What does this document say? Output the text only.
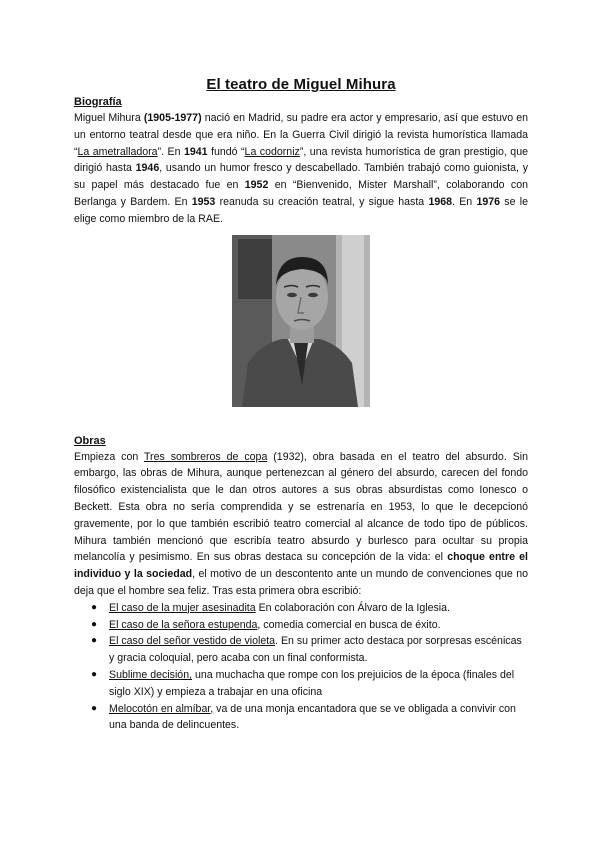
El teatro de Miguel Mihura
Biografía

Miguel Mihura (1905-1977) nació en Madrid, su padre era actor y empresario, así que estuvo en un entorno teatral desde que era niño. En la Guerra Civil dirigió la revista humorística llamada “La ametralladora”. En 1941 fundó “La codorniz”, una revista humorística de gran prestigio, que dirigió hasta 1946, usando un humor fresco y descabellado. También trabajó como guionista, y su papel más destacado fue en 1952 en “Bienvenido, Mister Marshall”, colaborando con Berlanga y Bardem. En 1953 reanuda su creación teatral, y sigue hasta 1968. En 1976 se le elige como miembro de la RAE.

Obras

Empieza con Tres sombreros de copa (1932), obra basada en el teatro del absurdo. Sin embargo, las obras de Mihura, aunque pertenezcan al género del absurdo, carecen del fondo filosófico existencialista que le dan otros autores a sus obras absurdistas como Ionesco o Beckett. Esta obra no sería comprendida y se estrenaría en 1953, lo que le decepcionó gravemente, por lo que también escribió teatro comercial al alcance de todo tipo de públicos. Mihura también mencionó que escribía teatro absurdo y burlesco para ocultar su propia melancolía y pesimismo. En sus obras destaca su concepción de la vida: el choque entre el individuo y la sociedad, el motivo de un descontento ante un mundo de convenciones que no deja que el hombre sea feliz. Tras esta primera obra escribió:

● El caso de la mujer asesinadita En colaboración con Álvaro de la Iglesia.
● El caso de la señora estupenda, comedia comercial en busca de éxito.
● El caso del señor vestido de violeta. En su primer acto destaca por sorpresas escénicas y gracia coloquial, pero acaba con un final conformista.
● Sublime decisión, una muchacha que rompe con los prejuicios de la época (finales del siglo XIX) y empieza a trabajar en una oficina
● Melocotón en almíbar, va de una monja encantadora que se ve obligada a convivir con una banda de delincuentes.
